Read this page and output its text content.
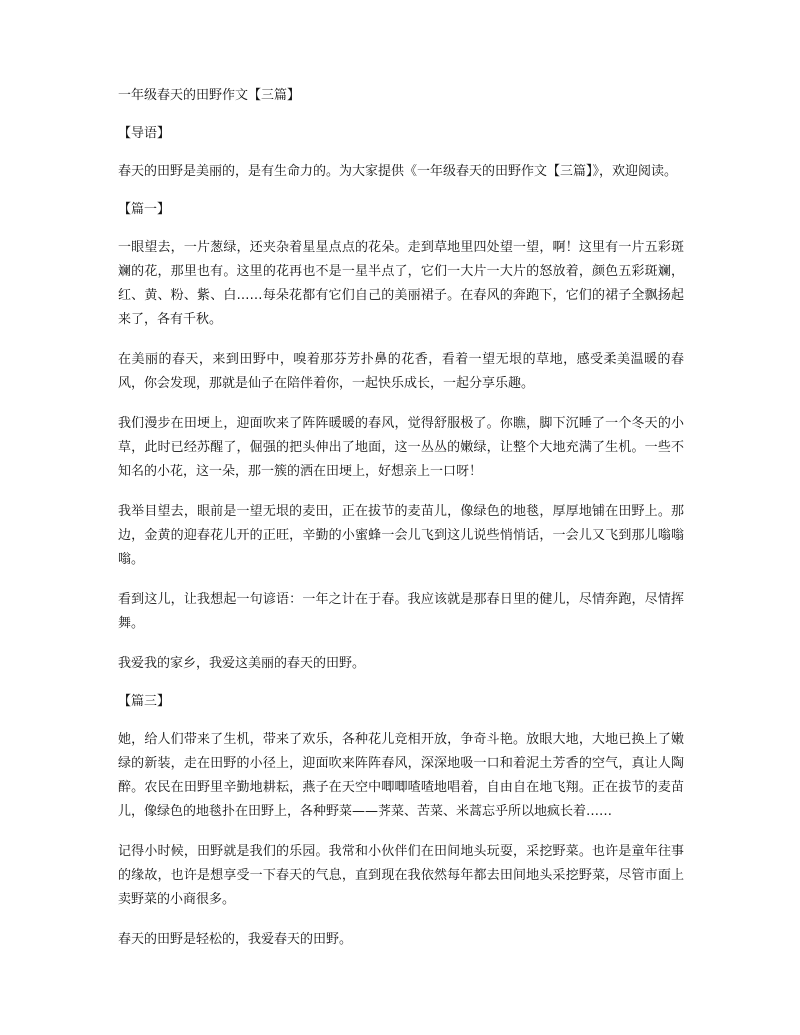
一年级春天的田野作文【三篇】

【导语】

春天的田野是美丽的，是有生命力的。为大家提供《一年级春天的田野作文【三篇】》，欢迎阅读。

【篇一】

一眼望去，一片葱绿，还夹杂着星星点点的花朵。走到草地里四处望一望，啊！这里有一片五彩斑斓的花，那里也有。这里的花再也不是一星半点了，它们一大片一大片的怒放着，颜色五彩斑斓，红、黄、粉、紫、白……每朵花都有它们自己的美丽裙子。在春风的奔跑下，它们的裙子全飘扬起来了，各有千秋。

在美丽的春天，来到田野中，嗅着那芬芳扑鼻的花香，看着一望无垠的草地，感受柔美温暖的春风，你会发现，那就是仙子在陪伴着你，一起快乐成长，一起分享乐趣。

我们漫步在田埂上，迎面吹来了阵阵暖暖的春风，觉得舒服极了。你瞧，脚下沉睡了一个冬天的小草，此时已经苏醒了，倔强的把头伸出了地面，这一丛丛的嫩绿，让整个大地充满了生机。一些不知名的小花，这一朵，那一簇的洒在田埂上，好想亲上一口呀！

我举目望去，眼前是一望无垠的麦田，正在拔节的麦苗儿，像绿色的地毯，厚厚地铺在田野上。那边，金黄的迎春花儿开的正旺，辛勤的小蜜蜂一会儿飞到这儿说些悄悄话，一会儿又飞到那儿嗡嗡嗡。

看到这儿，让我想起一句谚语：一年之计在于春。我应该就是那春日里的健儿，尽情奔跑，尽情挥舞。

我爱我的家乡，我爱这美丽的春天的田野。

【篇三】

她，给人们带来了生机，带来了欢乐，各种花儿竞相开放，争奇斗艳。放眼大地，大地已换上了嫩绿的新装，走在田野的小径上，迎面吹来阵阵春风，深深地吸一口和着泥土芳香的空气，真让人陶醉。农民在田野里辛勤地耕耘，燕子在天空中唧唧喳喳地唱着，自由自在地飞翔。正在拔节的麦苗儿，像绿色的地毯扑在田野上，各种野菜——荠菜、苦菜、米蒿忘乎所以地疯长着……

记得小时候，田野就是我们的乐园。我常和小伙伴们在田间地头玩耍，采挖野菜。也许是童年往事的缘故，也许是想享受一下春天的气息，直到现在我依然每年都去田间地头采挖野菜，尽管市面上卖野菜的小商很多。

春天的田野是轻松的，我爱春天的田野。
